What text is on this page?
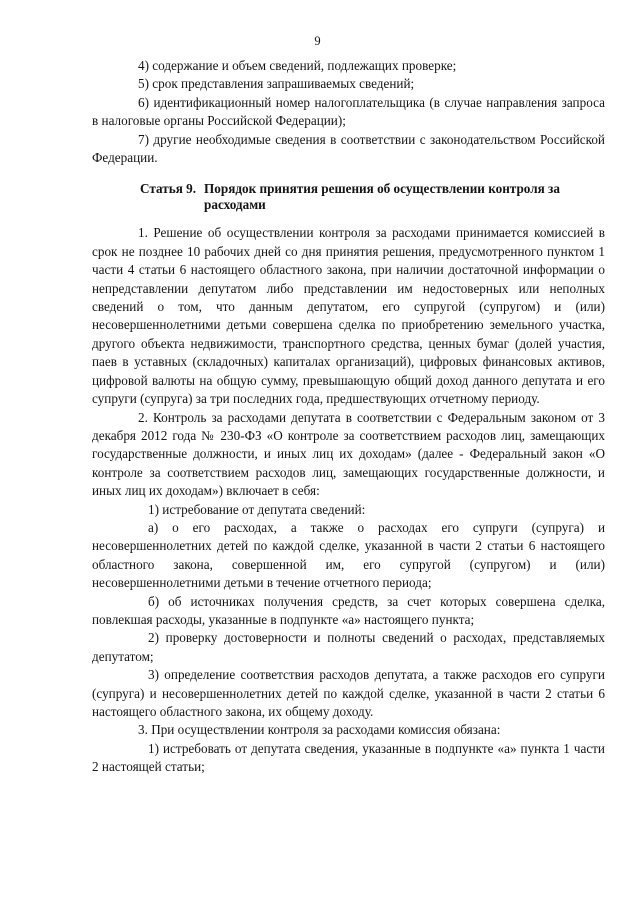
9

4) содержание и объем сведений, подлежащих проверке;

5) срок представления запрашиваемых сведений;

6) идентификационный номер налогоплательщика (в случае направления запроса в налоговые органы Российской Федерации);

7) другие необходимые сведения в соответствии с законодательством Российской Федерации.

Статья 9. Порядок принятия решения об осуществлении контроля за расходами

1. Решение об осуществлении контроля за расходами принимается комиссией в срок не позднее 10 рабочих дней со дня принятия решения, предусмотренного пунктом 1 части 4 статьи 6 настоящего областного закона, при наличии достаточной информации о непредставлении депутатом либо представлении им недостоверных или неполных сведений о том, что данным депутатом, его супругой (супругом) и (или) несовершеннолетними детьми совершена сделка по приобретению земельного участка, другого объекта недвижимости, транспортного средства, ценных бумаг (долей участия, паев в уставных (складочных) капиталах организаций), цифровых финансовых активов, цифровой валюты на общую сумму, превышающую общий доход данного депутата и его супруги (супруга) за три последних года, предшествующих отчетному периоду.

2. Контроль за расходами депутата в соответствии с Федеральным законом от 3 декабря 2012 года № 230-ФЗ «О контроле за соответствием расходов лиц, замещающих государственные должности, и иных лиц их доходам» (далее - Федеральный закон «О контроле за соответствием расходов лиц, замещающих государственные должности, и иных лиц их доходам») включает в себя:

1) истребование от депутата сведений:

а) о его расходах, а также о расходах его супруги (супруга) и несовершеннолетних детей по каждой сделке, указанной в части 2 статьи 6 настоящего областного закона, совершенной им, его супругой (супругом) и (или) несовершеннолетними детьми в течение отчетного периода;

б) об источниках получения средств, за счет которых совершена сделка, повлекшая расходы, указанные в подпункте «а» настоящего пункта;

2) проверку достоверности и полноты сведений о расходах, представляемых депутатом;

3) определение соответствия расходов депутата, а также расходов его супруги (супруга) и несовершеннолетних детей по каждой сделке, указанной в части 2 статьи 6 настоящего областного закона, их общему доходу.

3. При осуществлении контроля за расходами комиссия обязана:

1) истребовать от депутата сведения, указанные в подпункте «а» пункта 1 части 2 настоящей статьи;
